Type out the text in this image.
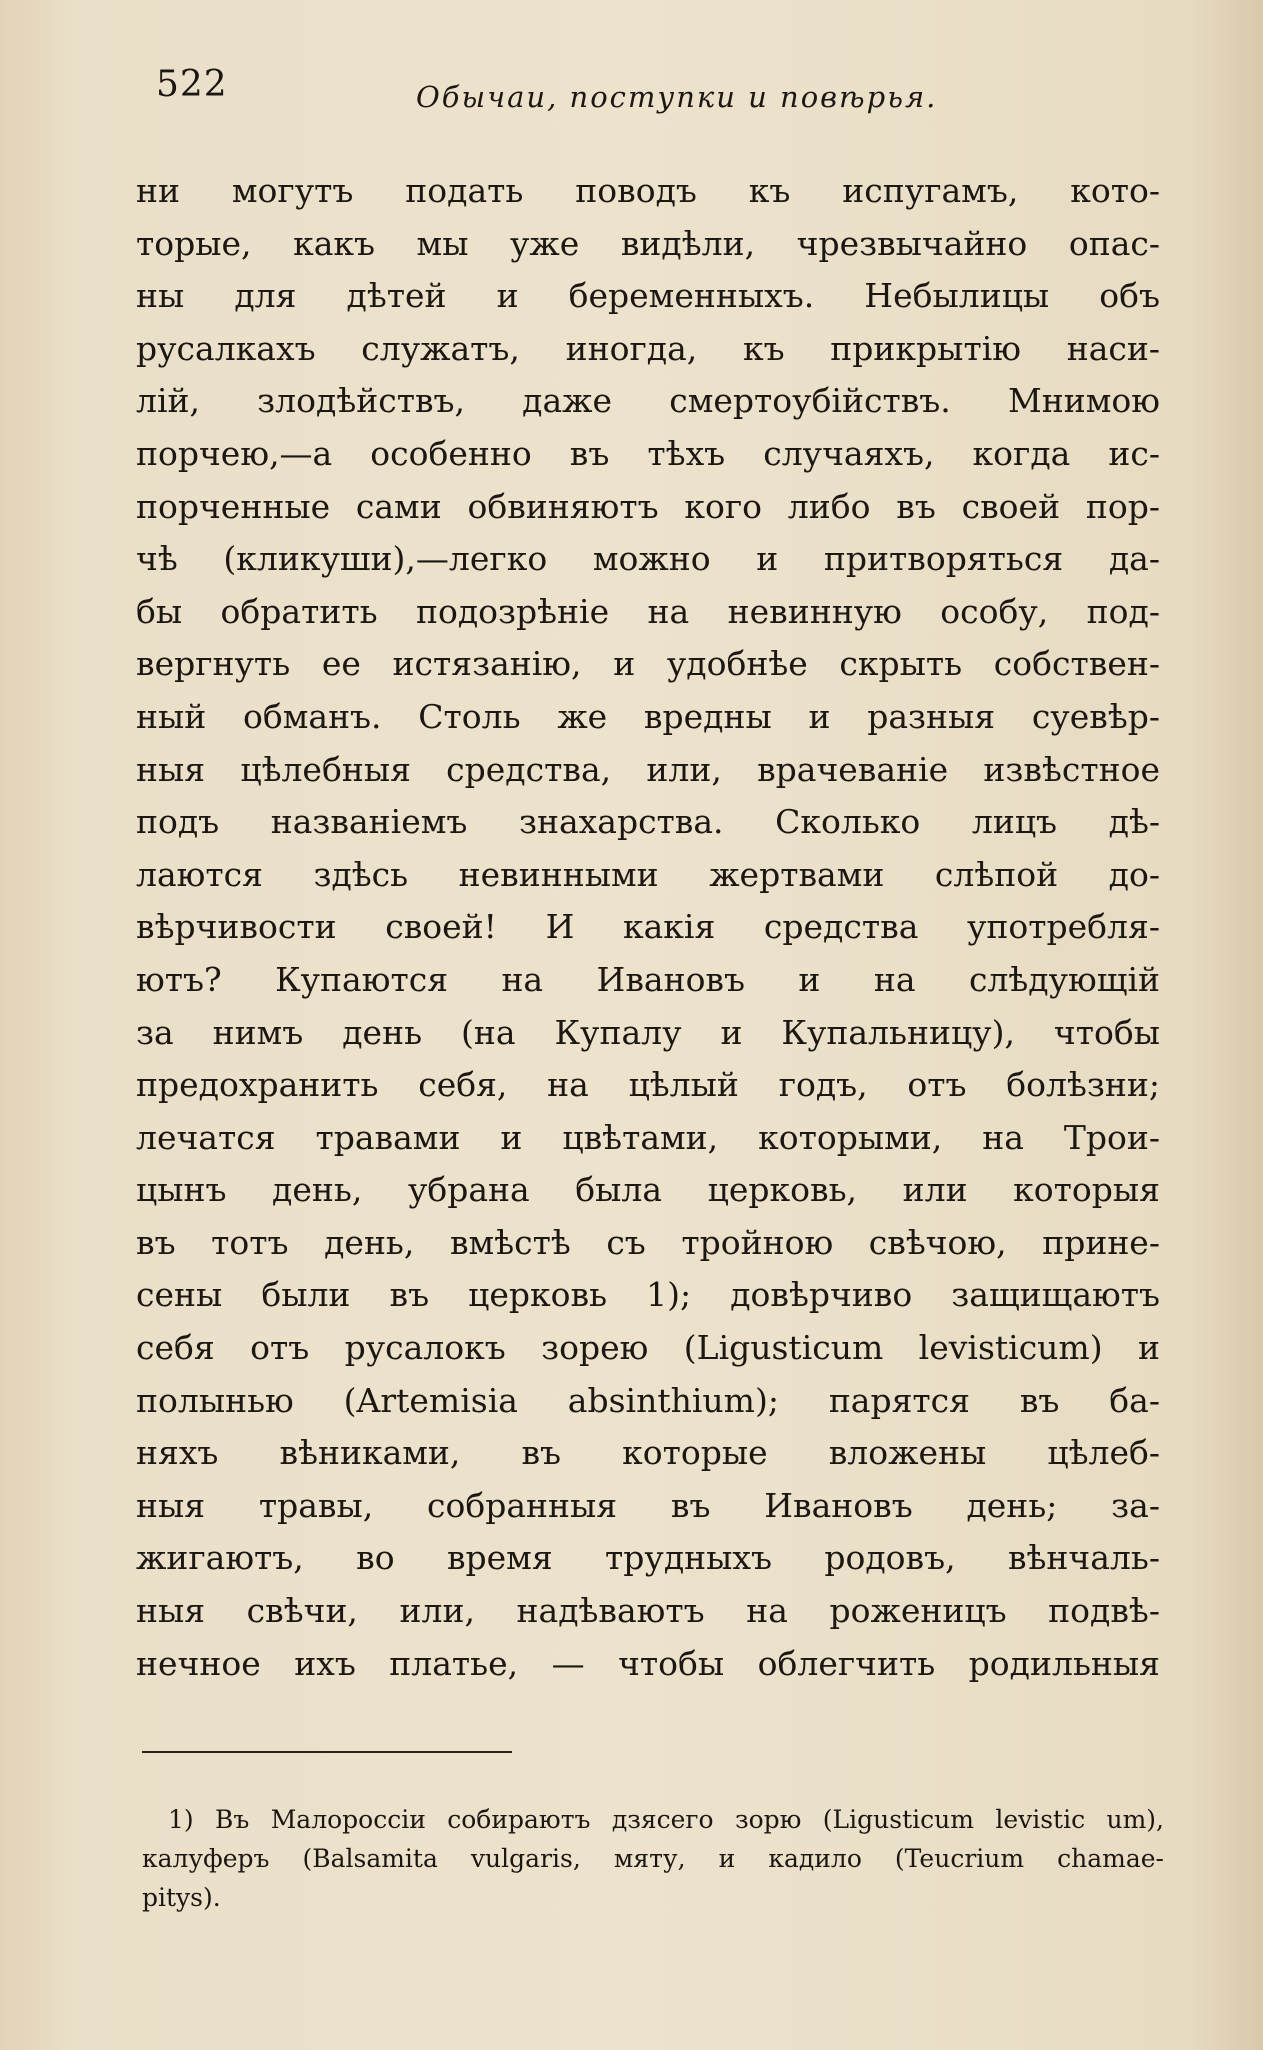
522	Обычаи, поступки и повѣрья.
ни могутъ подать поводъ къ испугамъ, кото-
торые, какъ мы уже видѣли, чрезвычайно опас-
ны для дѣтей и беременныхъ. Небылицы объ
русалкахъ служатъ, иногда, къ прикрытію наси-
лій, злодѣйствъ, даже смертоубійствъ. Мнимою
порчею,—а особенно въ тѣхъ случаяхъ, когда ис-
порченные сами обвиняютъ кого либо въ своей пор-
чѣ (кликуши),—легко можно и притворяться да-
бы обратить подозрѣніе на невинную особу, под-
вергнуть ее истязанію, и удобнѣе скрыть собствен-
ный обманъ. Столь же вредны и разныя суевѣр-
ныя цѣлебныя средства, или, врачеваніе извѣстное
подъ названіемъ знахарства. Сколько лицъ дѣ-
лаются здѣсь невинными жертвами слѣпой до-
вѣрчивости своей! И какія средства употребля-
ютъ? Купаются на Ивановъ и на слѣдующій
за нимъ день (на Купалу и Купальницу), чтобы
предохранить себя, на цѣлый годъ, отъ болѣзни;
лечатся травами и цвѣтами, которыми, на Трои-
цынъ день, убрана была церковь, или которыя
въ тотъ день, вмѣстѣ съ тройною свѣчою, принe-
сены были въ церковь 1); довѣрчиво защищаютъ
себя отъ русалокъ зорею (Ligusticum levisticum) и
полынью (Artemisia absinthium); парятся въ ба-
няхъ вѣниками, въ которые вложены цѣлеб-
ныя травы, собранныя въ Ивановъ день; за-
жигаютъ, во время трудныхъ родовъ, вѣнчаль-
ныя свѣчи, или, надѣваютъ на рожeницъ подвѣ-
нечное ихъ платье, — чтобы облегчить родильныя
1) Въ Малороссіи собираютъ дзясего зорю (Ligusticum levistic um),
калуферъ (Balsamita vulgaris, мяту, и кадило (Teucrium chamae-
pitys).
